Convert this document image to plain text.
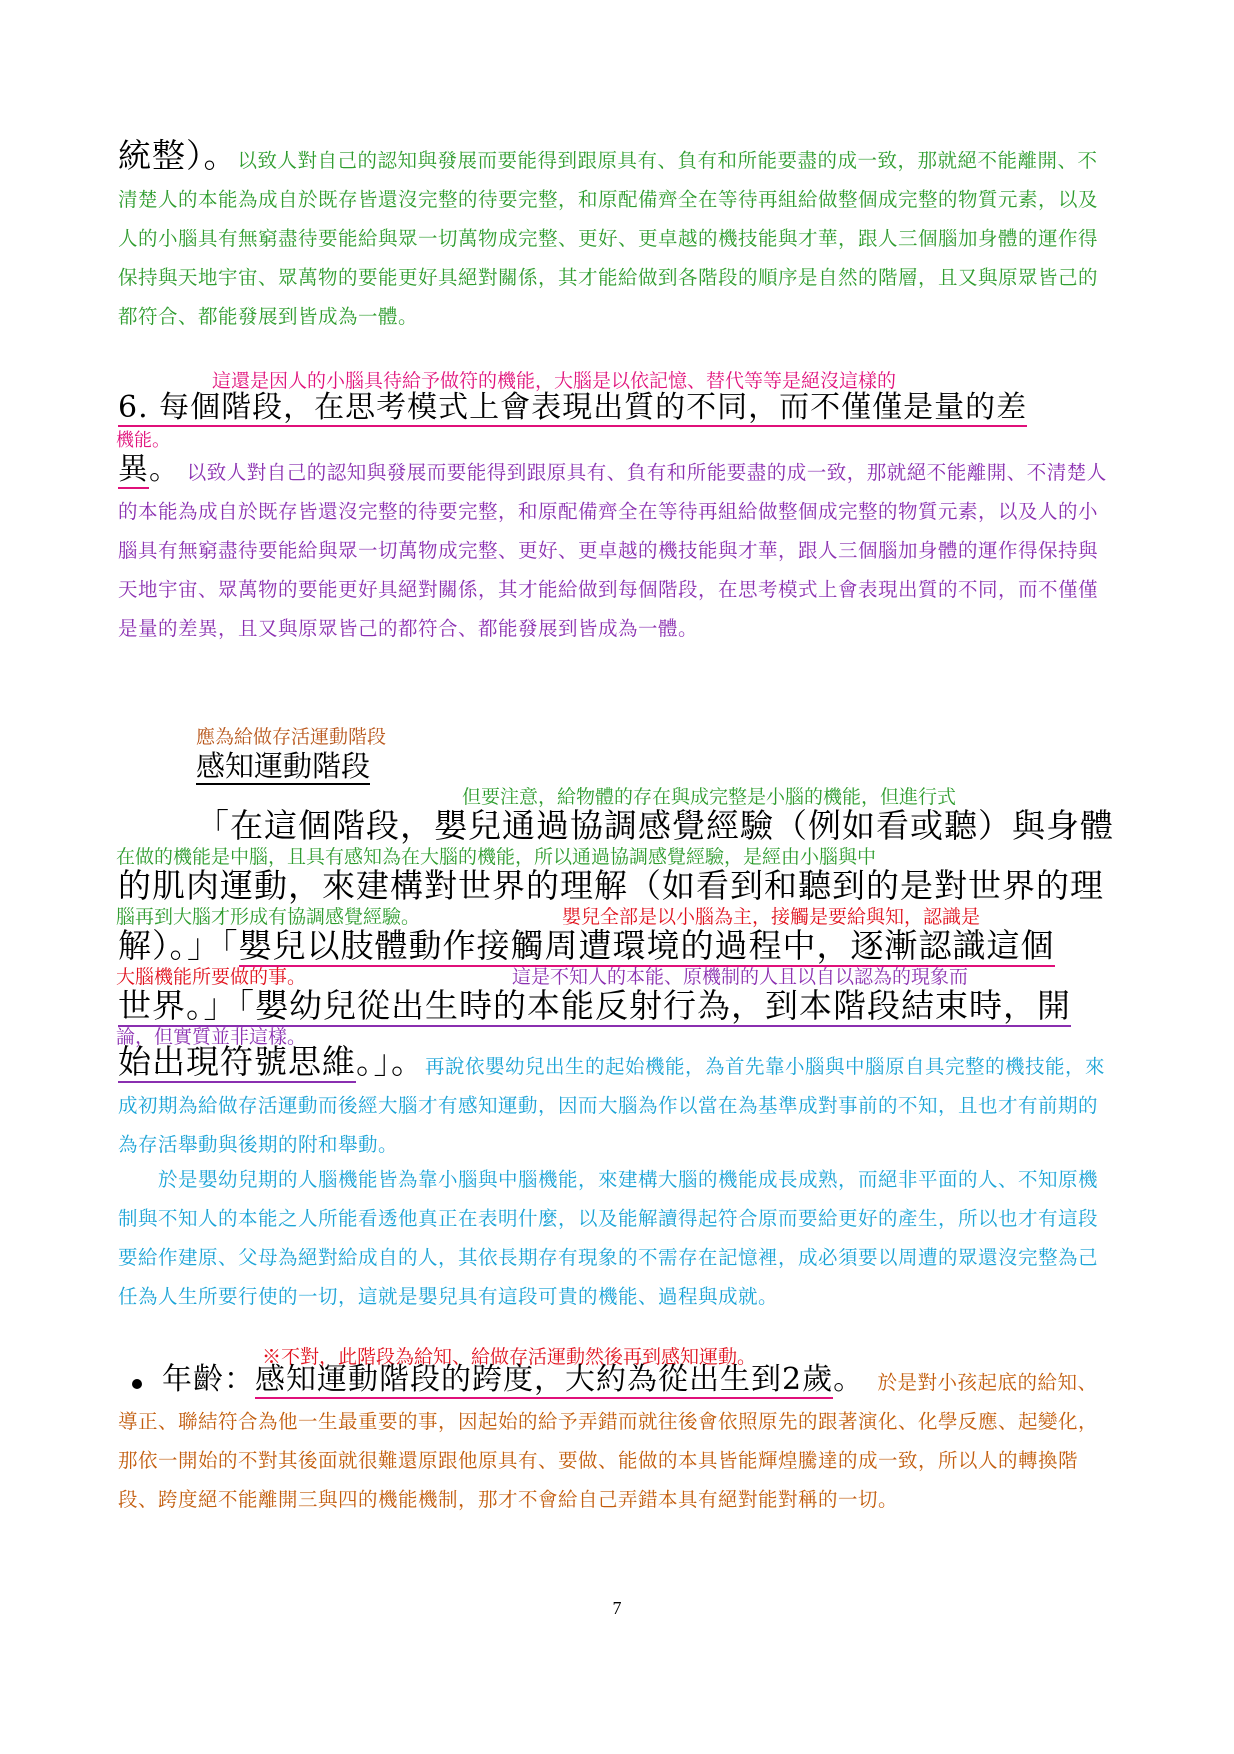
統整）。以致人對自己的認知與發展而要能得到跟原具有、負有和所能要盡的成一致，那就絕不能離開、不清楚人的本能為成自於既存皆還沒完整的待要完整，和原配備齊全在等待再組給做整個成完整的物質元素，以及人的小腦具有無窮盡待要能給與眾一切萬物成完整、更好、更卓越的機技能與才華，跟人三個腦加身體的運作得保持與天地宇宙、眾萬物的要能更好具絕對關係，其才能給做到各階段的順序是自然的階層，且又與原眾皆己的都符合、都能發展到皆成為一體。

這還是因人的小腦具待給予做符的機能，大腦是以依記憶、替代等等是絕沒這樣的
6. 每個階段，在思考模式上會表現出質的不同，而不僅僅是量的差
機能。

異。 以致人對自己的認知與發展而要能得到跟原具有、負有和所能要盡的成一致，那就絕不能離開、不清楚人的本能為成自於既存皆還沒完整的待要完整，和原配備齊全在等待再組給做整個成完整的物質元素，以及人的小腦具有無窮盡待要能給與眾一切萬物成完整、更好、更卓越的機技能與才華，跟人三個腦加身體的運作得保持與天地宇宙、眾萬物的要能更好具絕對關係，其才能給做到每個階段，在思考模式上會表現出質的不同，而不僅僅是量的差異，且又與原眾皆己的都符合、都能發展到皆成為一體。

應為給做存活運動階段
感知運動階段
但要注意，給物體的存在與成完整是小腦的機能，但進行式
「在這個階段，嬰兒通過協調感覺經驗（例如看或聽）與身體
在做的機能是中腦，且具有感知為在大腦的機能，所以通過協調感覺經驗，是經由小腦與中
的肌肉運動，來建構對世界的理解（如看到和聽到的是對世界的理
腦再到大腦才形成有協調感覺經驗。	嬰兒全部是以小腦為主，接觸是要給與知，認識是
解）。」「嬰兒以肢體動作接觸周遭環境的過程中，逐漸認識這個
大腦機能所要做的事。	這是不知人的本能、原機制的人且以自以認為的現象而
世界。」「嬰幼兒從出生時的本能反射行為，到本階段結束時，開
論，但實質並非這樣。

始出現符號思維。」。再說依嬰幼兒出生的起始機能，為首先靠小腦與中腦原自具完整的機技能，來成初期為給做存活運動而後經大腦才有感知運動，因而大腦為作以當在為基準成對事前的不知，且也才有前期的為存活舉動與後期的附和舉動。

於是嬰幼兒期的人腦機能皆為靠小腦與中腦機能，來建構大腦的機能成長成熟，而絕非平面的人、不知原機制與不知人的本能之人所能看透他真正在表明什麼，以及能解讀得起符合原而要給更好的產生，所以也才有這段要給作建原、父母為絕對給成自的人，其依長期存有現象的不需存在記憶裡，成必須要以周遭的眾還沒完整為己任為人生所要行使的一切，這就是嬰兒具有這段可貴的機能、過程與成就。

※不對，此階段為給知、給做存活運動然後再到感知運動。

年齡：感知運動階段的跨度，大約為從出生到2歲。 於是對小孩起底的給知、導正、聯結符合為他一生最重要的事，因起始的給予弄錯而就往後會依照原先的跟著演化、化學反應、起變化，那依一開始的不對其後面就很難還原跟他原具有、要做、能做的本具皆能輝煌騰達的成一致，所以人的轉換階段、跨度絕不能離開三與四的機能機制，那才不會給自己弄錯本具有絕對能對稱的一切。

7
